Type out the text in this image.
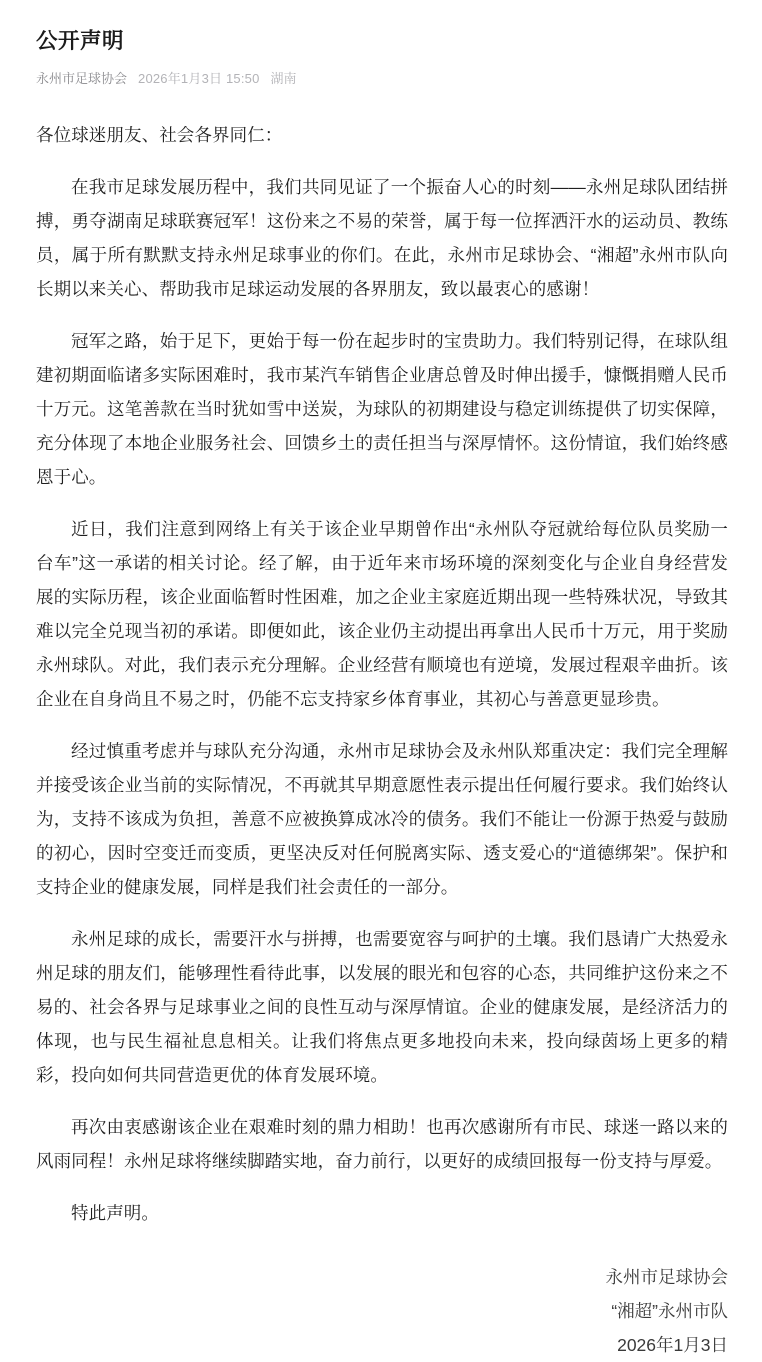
公开声明
永州市足球协会 2026年1月3日 15:50 湖南

各位球迷朋友、社会各界同仁：

在我市足球发展历程中，我们共同见证了一个振奋人心的时刻——永州足球队团结拼搏，勇夺湖南足球联赛冠军！这份来之不易的荣誉，属于每一位挥洒汗水的运动员、教练员，属于所有默默支持永州足球事业的你们。在此，永州市足球协会、“湘超”永州市队向长期以来关心、帮助我市足球运动发展的各界朋友，致以最衷心的感谢！

冠军之路，始于足下，更始于每一份在起步时的宝贵助力。我们特别记得，在球队组建初期面临诸多实际困难时，我市某汽车销售企业唐总曾及时伸出援手，慷慨捐赠人民币十万元。这笔善款在当时犹如雪中送炭，为球队的初期建设与稳定训练提供了切实保障，充分体现了本地企业服务社会、回馈乡土的责任担当与深厚情怀。这份情谊，我们始终感恩于心。

近日，我们注意到网络上有关于该企业早期曾作出“永州队夺冠就给每位队员奖励一台车”这一承诺的相关讨论。经了解，由于近年来市场环境的深刻变化与企业自身经营发展的实际历程，该企业面临暂时性困难，加之企业主家庭近期出现一些特殊状况，导致其难以完全兑现当初的承诺。即便如此，该企业仍主动提出再拿出人民币十万元，用于奖励永州球队。对此，我们表示充分理解。企业经营有顺境也有逆境，发展过程艰辛曲折。该企业在自身尚且不易之时，仍能不忘支持家乡体育事业，其初心与善意更显珍贵。

经过慎重考虑并与球队充分沟通，永州市足球协会及永州队郑重决定：我们完全理解并接受该企业当前的实际情况，不再就其早期意愿性表示提出任何履行要求。我们始终认为，支持不该成为负担，善意不应被换算成冰冷的债务。我们不能让一份源于热爱与鼓励的初心，因时空变迁而变质，更坚决反对任何脱离实际、透支爱心的“道德绑架”。保护和支持企业的健康发展，同样是我们社会责任的一部分。

永州足球的成长，需要汗水与拼搏，也需要宽容与呵护的土壤。我们恳请广大热爱永州足球的朋友们，能够理性看待此事，以发展的眼光和包容的心态，共同维护这份来之不易的、社会各界与足球事业之间的良性互动与深厚情谊。企业的健康发展，是经济活力的体现，也与民生福祉息息相关。让我们将焦点更多地投向未来，投向绿茵场上更多的精彩，投向如何共同营造更优的体育发展环境。

再次由衷感谢该企业在艰难时刻的鼎力相助！也再次感谢所有市民、球迷一路以来的风雨同程！永州足球将继续脚踏实地，奋力前行，以更好的成绩回报每一份支持与厚爱。

特此声明。

永州市足球协会
“湘超”永州市队
2026年1月3日
